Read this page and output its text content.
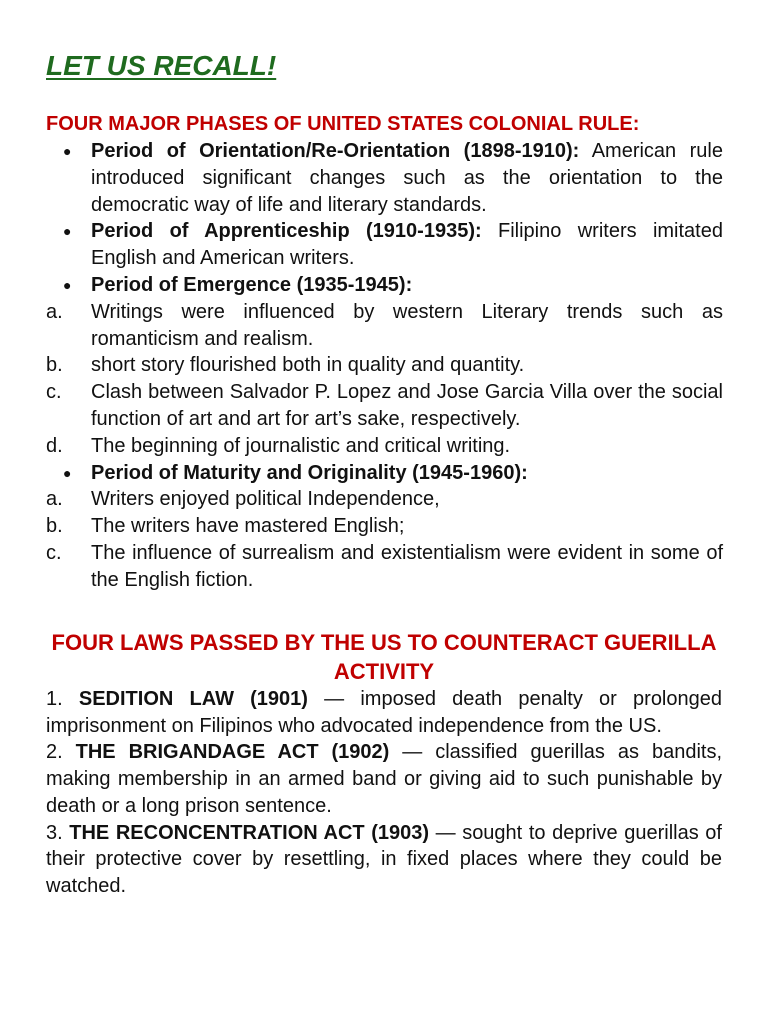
LET US RECALL!
FOUR MAJOR PHASES OF UNITED STATES COLONIAL RULE:
● Period of Orientation/Re-Orientation (1898-1910): American rule introduced significant changes such as the orientation to the democratic way of life and literary standards.
● Period of Apprenticeship (1910-1935): Filipino writers imitated English and American writers.
● Period of Emergence (1935-1945):
a. Writings were influenced by western Literary trends such as romanticism and realism.
b. short story flourished both in quality and quantity.
c. Clash between Salvador P. Lopez and Jose Garcia Villa over the social function of art and art for art’s sake, respectively.
d. The beginning of journalistic and critical writing.
● Period of Maturity and Originality (1945-1960):
a. Writers enjoyed political Independence,
b. The writers have mastered English;
c. The influence of surrealism and existentialism were evident in some of the English fiction.
FOUR LAWS PASSED BY THE US TO COUNTERACT GUERILLA ACTIVITY
1. SEDITION LAW (1901) — imposed death penalty or prolonged imprisonment on Filipinos who advocated independence from the US.
2. THE BRIGANDAGE ACT (1902) — classified guerillas as bandits, making membership in an armed band or giving aid to such punishable by death or a long prison sentence.
3. THE RECONCENTRATION ACT (1903) — sought to deprive guerillas of their protective cover by resettling, in fixed places where they could be watched.
